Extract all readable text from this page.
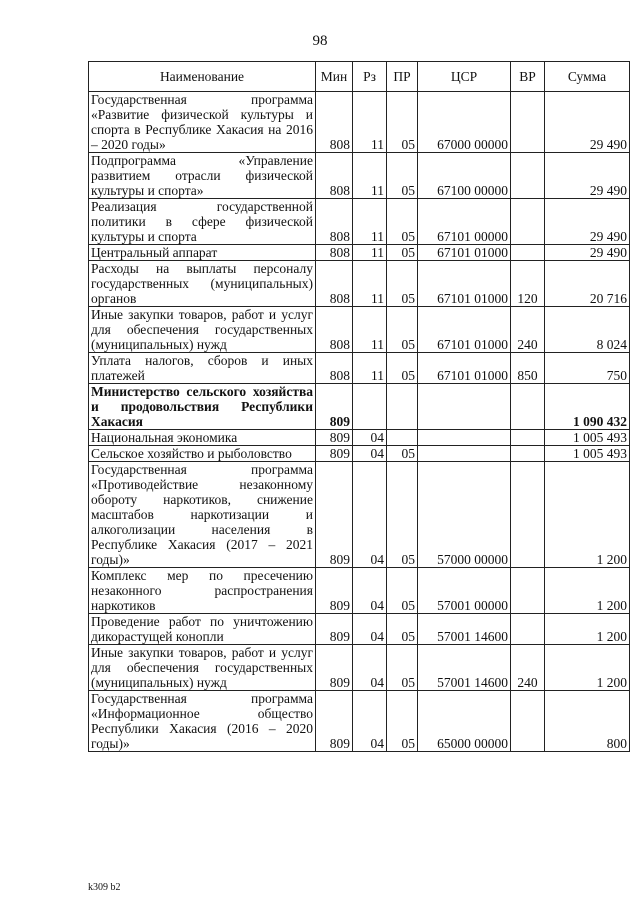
98
Наименование	Мин	Рз	ПР	ЦСР	ВР	Сумма
Государственная программа «Развитие физической культуры и спорта в Республике Хакасия на 2016 – 2020 годы»	808	11	05	67000 00000		29 490
Подпрограмма «Управление развитием отрасли физической культуры и спорта»	808	11	05	67100 00000		29 490
Реализация государственной политики в сфере физической культуры и спорта	808	11	05	67101 00000		29 490
Центральный аппарат	808	11	05	67101 01000		29 490
Расходы на выплаты персоналу государственных (муниципальных) органов	808	11	05	67101 01000	120	20 716
Иные закупки товаров, работ и услуг для обеспечения государственных (муниципальных) нужд	808	11	05	67101 01000	240	8 024
Уплата налогов, сборов и иных платежей	808	11	05	67101 01000	850	750
Министерство сельского хозяйства и продовольствия Республики Хакасия	809					1 090 432
Национальная экономика	809	04				1 005 493
Сельское хозяйство и рыболовство	809	04	05			1 005 493
Государственная программа «Противодействие незаконному обороту наркотиков, снижение масштабов наркотизации и алкоголизации населения в Республике Хакасия (2017 – 2021 годы)»	809	04	05	57000 00000		1 200
Комплекс мер по пресечению незаконного распространения наркотиков	809	04	05	57001 00000		1 200
Проведение работ по уничтожению дикорастущей конопли	809	04	05	57001 14600		1 200
Иные закупки товаров, работ и услуг для обеспечения государственных (муниципальных) нужд	809	04	05	57001 14600	240	1 200
Государственная программа «Информационное общество Республики Хакасия (2016 – 2020 годы)»	809	04	05	65000 00000		800
k309 b2
